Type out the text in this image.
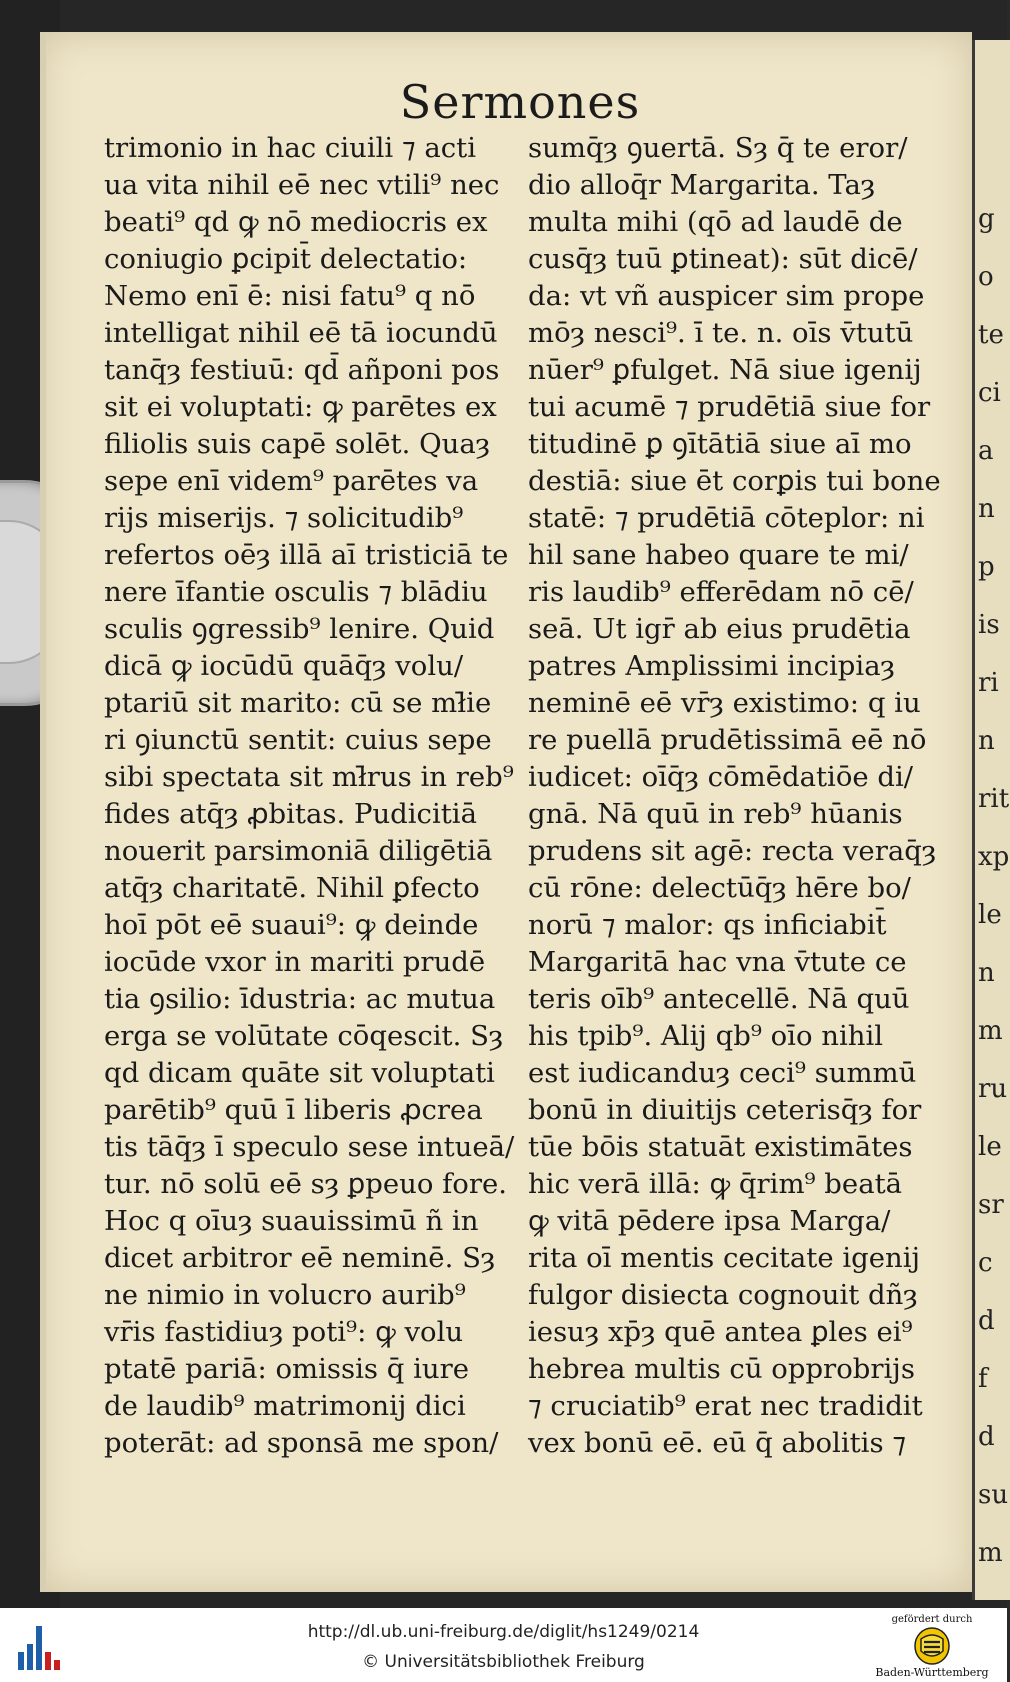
g
o
te
ci
a
n
p
is
ri
n
rit
xp
le
n
m
ru
le
sr
c
d
f
d
su
m
Sermones
trimonio in hac ciuili ⁊ acti
ua vita nihil eē nec vtili⁹ nec
beati⁹ qd ꝙ nō mediocris ex
coniugio ꝑcipit̄ delectatio:
Nemo enī ē: nisi fatu⁹ q nō
intelligat nihil eē tā iocundū
tanq̄ȝ festiuū: qd̄ añponi pos
sit ei voluptati: ꝙ parētes ex
filiolis suis capē solēt. Quaȝ
sepe enī videm⁹ parētes va
rijs miserijs. ⁊ solicitudib⁹
refertos oēȝ illā aī tristiciā te
nere īfantie osculis ⁊ blādiu
sculis ꝯgressib⁹ lenire. Quid
dicā ꝙ iocūdū quāq̄ȝ volu/
ptariū sit marito: cū se mł̄ie
ri ꝯiunctū sentit: cuius sepe
sibi spectata sit mł̄rus in reb⁹
fides atq̄ȝ ꝓbitas. Pudicitiā
nouerit parsimoniā diligētiā
atq̄ȝ charitatē. Nihil ꝑfecto
hoī pōt eē suaui⁹: ꝙ deinde
iocūde vxor in mariti prudē
tia ꝯsilio: īdustria: ac mutua
erga se volūtate cōqescit. Sȝ
qd dicam quāte sit voluptati
parētib⁹ quū ī liberis ꝓcrea
tis tāq̄ȝ ī speculo sese intueā/
tur. nō solū eē sȝ ꝑpeuo fore.
Hoc q oīuȝ suauissimū ñ in
dicet arbitror eē neminē. Sȝ
ne nimio in volucro aurib⁹
vr̄is fastidiuȝ poti⁹: ꝙ volu
ptatē pariā: omissis q̄ iure
de laudib⁹ matrimonij dici
poterāt: ad sponsā me spon/
sumq̄ȝ ꝯuertā. Sȝ q̄ te eror/
dio alloq̄r Margarita. Taȝ
multa mihi (qō ad laudē de
cusq̄ȝ tuū ꝑtineat): sūt dicē/
da: vt vñ auspicer sim prope
mōȝ nesci⁹. ī te. n. oīs v̄tutū
nūer⁹ ꝑfulget. Nā siue igenij
tui acumē ⁊ prudētiā siue for
titudinē ꝑ ꝯītātiā siue aī mo
destiā: siue ēt corꝑis tui bone
statē: ⁊ prudētiā cōteplor: ni
hil sane habeo quare te mi/
ris laudib⁹ efferēdam nō cē/
seā. Ut igr̄ ab eius prudētia
patres Amplissimi incipiaȝ
neminē eē vr̄ȝ existimo: q iu
re puellā prudētissimā eē nō
iudicet: oīq̄ȝ cōmēdatiōe di/
gnā. Nā quū in reb⁹ hūanis
prudens sit agē: recta veraq̄ȝ
cū rōne: delectūq̄ȝ hēre bo/
norū ⁊ malor: qs inficiabit̄
Margaritā hac vna v̄tute ce
teris oīb⁹ antecellē. Nā quū
his tpib⁹. Alij qb⁹ oīo nihil
est iudicanduȝ ceci⁹ summū
bonū in diuitijs ceterisq̄ȝ for
tūe bōis statuāt existimātes
hic verā illā: ꝙ q̄rim⁹ beatā
ꝙ vitā pēdere ipsa Marga/
rita oī mentis cecitate igenij
fulgor disiecta cognouit dñȝ
iesuȝ xp̄ȝ quē antea ꝑles ei⁹
hebrea multis cū opprobrijs
⁊ cruciatib⁹ erat nec tradidit
vex bonū eē. eū q̄ abolitis ⁊
http://dl.ub.uni-freiburg.de/diglit/hs1249/0214
© Universitätsbibliothek Freiburg
gefördert durch
Baden-Württemberg
